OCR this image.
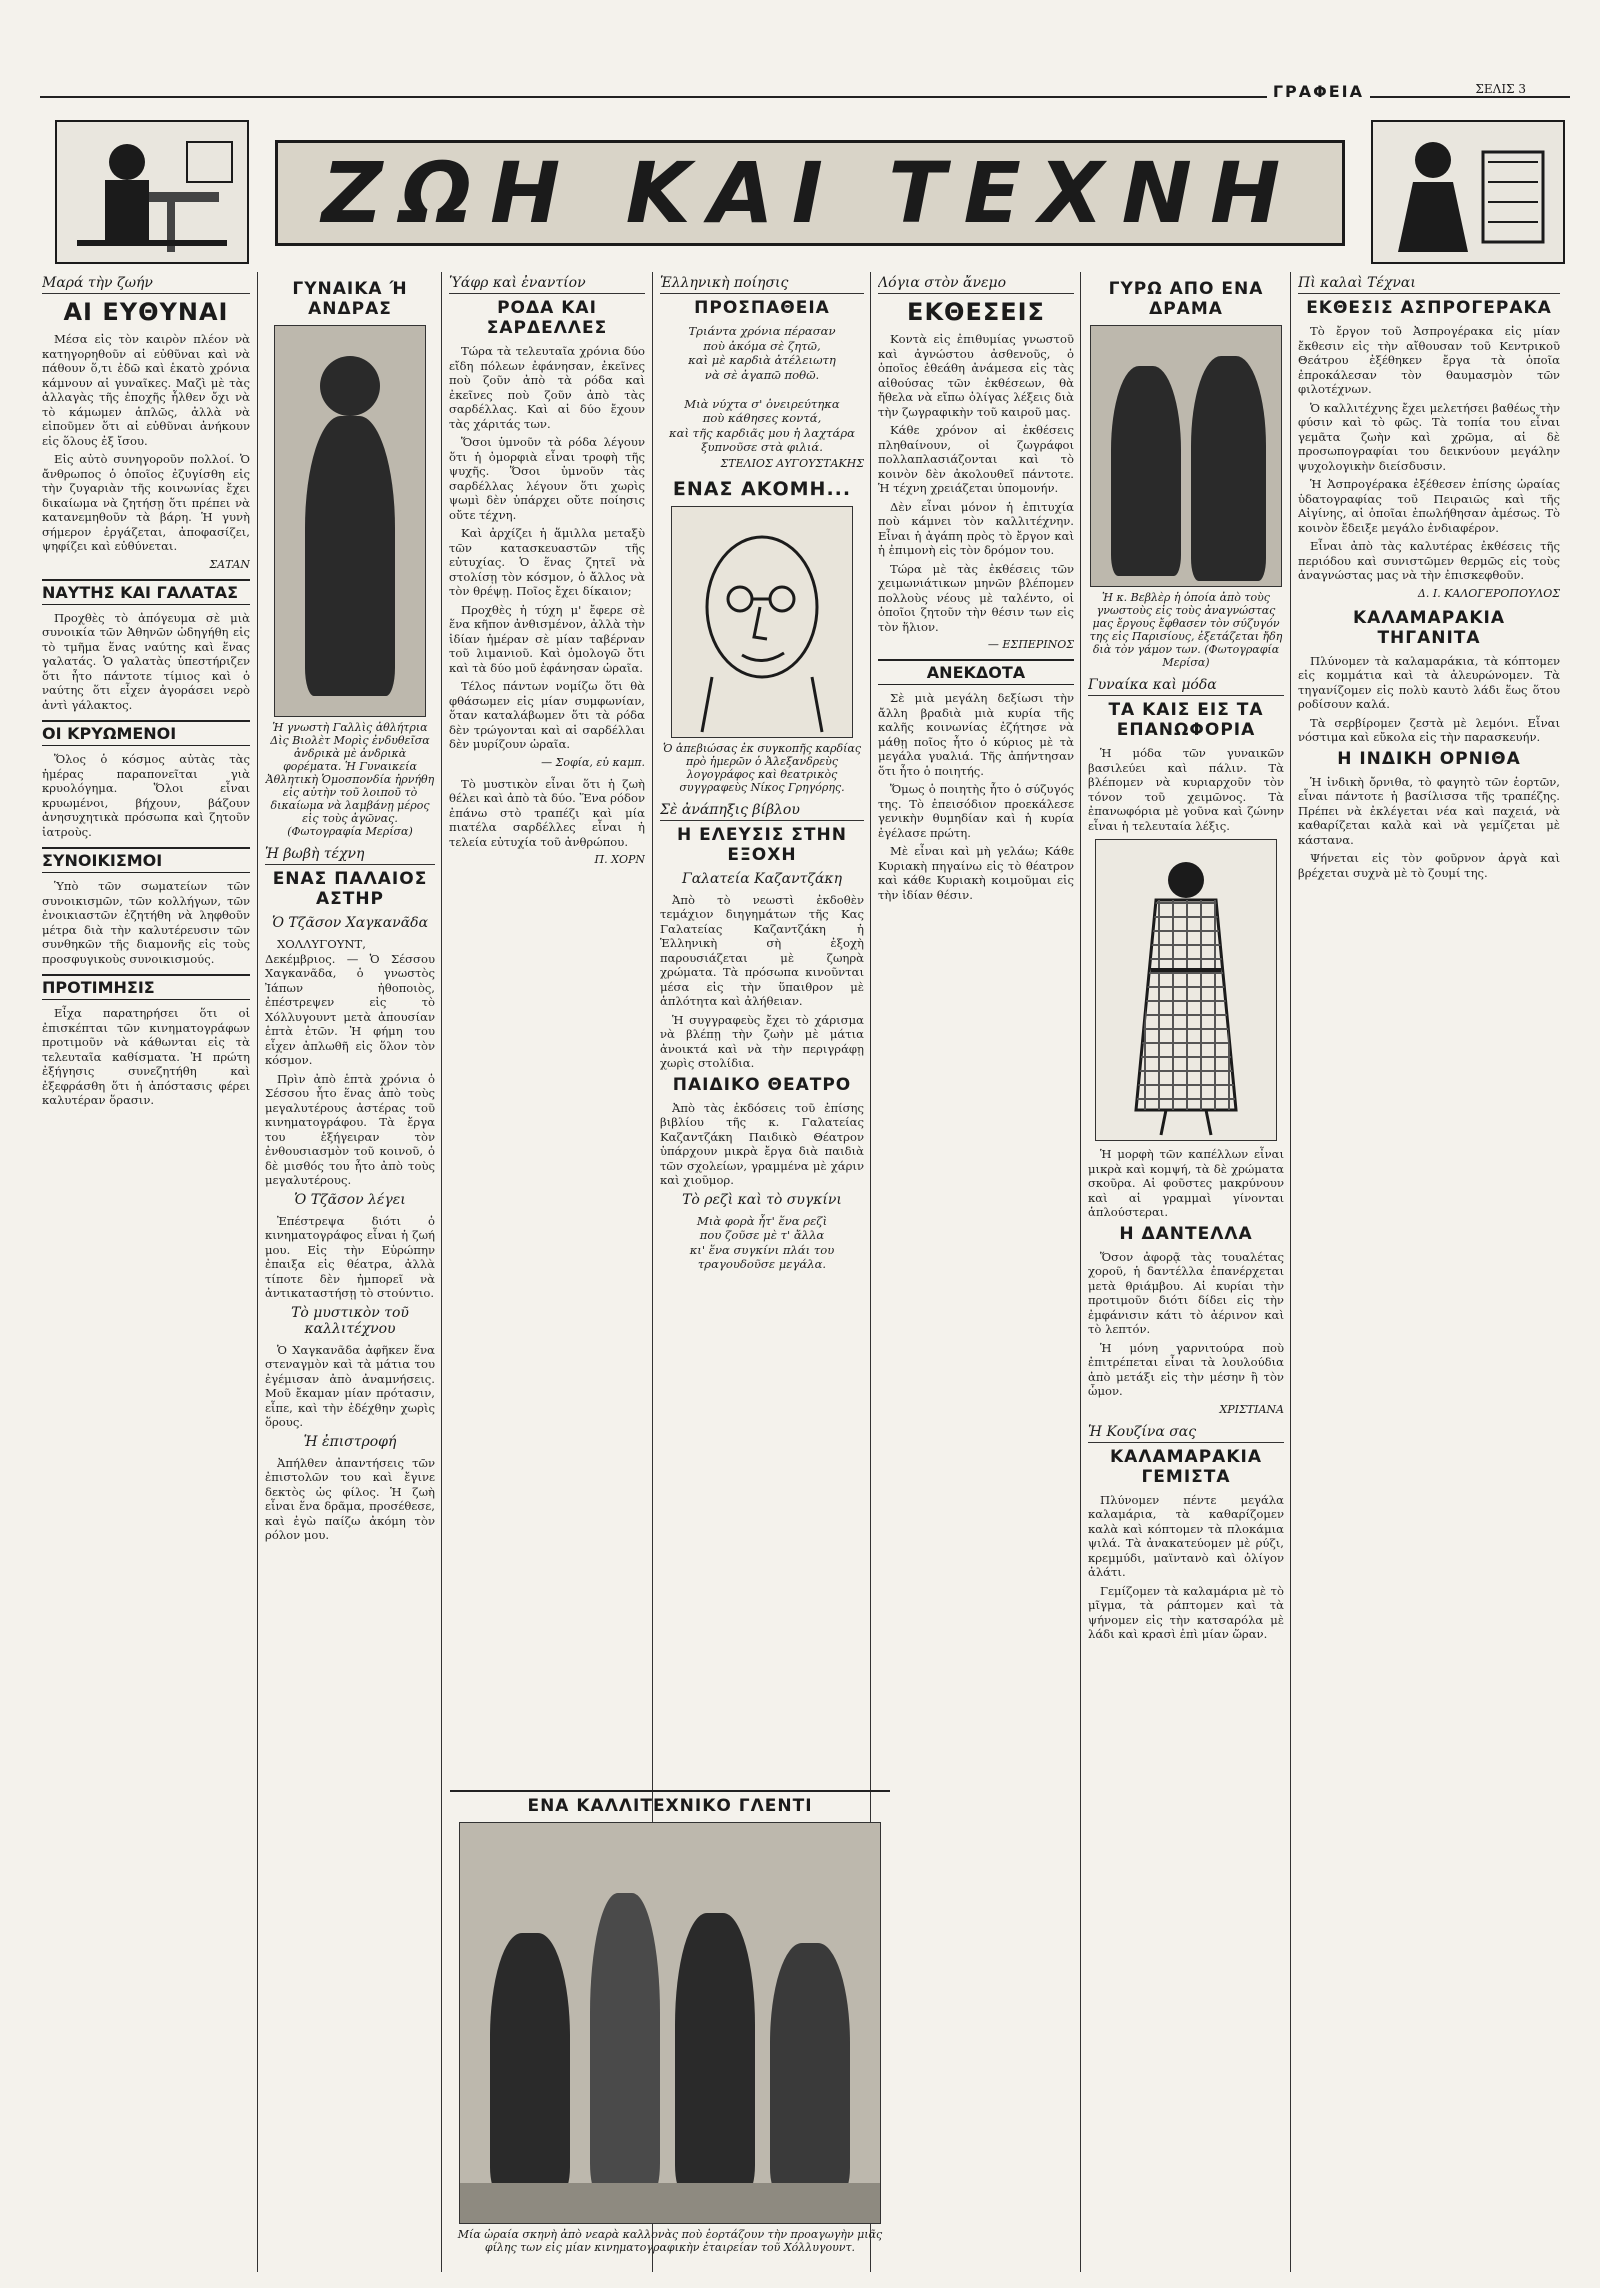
ΓΡΑΦΕΙΑ	ΣΕΛΙΣ 3
ΖΩΗ ΚΑΙ ΤΕΧΝΗ
Μαρά τὴν ζωήν
ΑΙ ΕΥΘΥΝΑΙ

Μέσα εἰς τὸν καιρὸν πλέον νὰ κατηγορηθοῦν αἱ εὐθῦναι καὶ νὰ πάθουν ὅ,τι ἐδῶ καὶ ἑκατὸ χρόνια κάμνουν αἱ γυναῖκες. Μαζὶ μὲ τὰς ἀλλαγὰς τῆς ἐποχῆς ἦλθεν ὄχι νὰ τὸ κάμωμεν ἁπλῶς, ἀλλὰ νὰ εἰποῦμεν ὅτι αἱ εὐθῦναι ἀνήκουν εἰς ὅλους ἐξ ἴσου.

Εἰς αὐτὸ συνηγοροῦν πολλοί. Ὁ ἄνθρωπος ὁ ὁποῖος ἐζυγίσθη εἰς τὴν ζυγαριὰν τῆς κοινωνίας ἔχει δικαίωμα νὰ ζητήσῃ ὅτι πρέπει νὰ κατανεμηθοῦν τὰ βάρη. Ἡ γυνὴ σήμερον ἐργάζεται, ἀποφασίζει, ψηφίζει καὶ εὐθύνεται.

ΣΑΤΑΝ
ΝΑΥΤΗΣ ΚΑΙ ΓΑΛΑΤΑΣ

Προχθὲς τὸ ἀπόγευμα σὲ μιὰ συνοικία τῶν Ἀθηνῶν ὡδηγήθη εἰς τὸ τμῆμα ἕνας ναύτης καὶ ἕνας γαλατάς. Ὁ γαλατὰς ὑπεστήριζεν ὅτι ἦτο πάντοτε τίμιος καὶ ὁ ναύτης ὅτι εἶχεν ἀγοράσει νερὸ ἀντὶ γάλακτος.

ΟΙ ΚΡΥΩΜΕΝΟΙ

Ὅλος ὁ κόσμος αὐτὰς τὰς ἡμέρας παραπονεῖται γιὰ κρυολόγημα. Ὅλοι εἶναι κρυωμένοι, βήχουν, βάζουν ἀνησυχητικὰ πρόσωπα καὶ ζητοῦν ἰατροὺς.

ΣΥΝΟΙΚΙΣΜΟΙ

Ὑπὸ τῶν σωματείων τῶν συνοικισμῶν, τῶν κολλήγων, τῶν ἐνοικιαστῶν ἐζητήθη νὰ ληφθοῦν μέτρα διὰ τὴν καλυτέρευσιν τῶν συνθηκῶν τῆς διαμονῆς εἰς τοὺς προσφυγικοὺς συνοικισμούς.

ΠΡΟΤΙΜΗΣΙΣ

Εἶχα παρατηρήσει ὅτι οἱ ἐπισκέπται τῶν κινηματογράφων προτιμοῦν νὰ κάθωνται εἰς τὰ τελευταῖα καθίσματα. Ἡ πρώτη ἐξήγησις συνεζητήθη καὶ ἐξεφράσθη ὅτι ἡ ἀπόστασις φέρει καλυτέραν ὅρασιν.

ΓΥΝΑΙΚΑ Ή ΑΝΔΡΑΣ
Ἡ γνωστὴ Γαλλὶς ἀθλήτρια Δὶς Βιολὲτ Μορὶς ἐνδυθεῖσα ἀνδρικὰ μὲ ἀνδρικὰ φορέματα. Ἡ Γυναικεία Ἀθλητικὴ Ὁμοσπονδία ἠρνήθη εἰς αὐτὴν τοῦ λοιποῦ τὸ δικαίωμα νὰ λαμβάνῃ μέρος εἰς τοὺς ἀγῶνας. (Φωτογραφία Μερίσα)
Ἡ βωβὴ τέχνη
ΕΝΑΣ ΠΑΛΑΙΟΣ ΑΣΤΗΡ
Ὁ Τζᾶσον Χαγκανᾶδα

ΧΟΛΛΥΓΟΥΝΤ, Δεκέμβριος. — Ὁ Σέσσου Χαγκανᾶδα, ὁ γνωστὸς Ἰάπων ἠθοποιὸς, ἐπέστρεψεν εἰς τὸ Χόλλυγουντ μετὰ ἀπουσίαν ἑπτὰ ἐτῶν. Ἡ φήμη του εἶχεν ἀπλωθῆ εἰς ὅλον τὸν κόσμον.

Πρὶν ἀπὸ ἑπτὰ χρόνια ὁ Σέσσου ἦτο ἕνας ἀπὸ τοὺς μεγαλυτέρους ἀστέρας τοῦ κινηματογράφου. Τὰ ἔργα του ἐξήγειραν τὸν ἐνθουσιασμὸν τοῦ κοινοῦ, ὁ δὲ μισθός του ἦτο ἀπὸ τοὺς μεγαλυτέρους.

Ὁ Τζᾶσον λέγει

Ἐπέστρεψα διότι ὁ κινηματογράφος εἶναι ἡ ζωή μου. Εἰς τὴν Εὐρώπην ἐπαιξα εἰς θέατρα, ἀλλὰ τίποτε δὲν ἠμπορεῖ νὰ ἀντικαταστήσῃ τὸ στούντιο.

Τὸ μυστικὸν τοῦ καλλιτέχνου

Ὁ Χαγκανᾶδα ἀφῆκεν ἕνα στεναγμὸν καὶ τὰ μάτια του ἐγέμισαν ἀπὸ ἀναμνήσεις. Μοῦ ἔκαμαν μίαν πρότασιν, εἶπε, καὶ τὴν ἐδέχθην χωρὶς ὅρους.

Ἡ ἐπιστροφή

Ἀπήλθεν ἀπαντήσεις τῶν ἐπιστολῶν του καὶ ἔγινε δεκτὸς ὡς φίλος. Ἡ ζωὴ εἶναι ἕνα δρᾶμα, προσέθεσε, καὶ ἐγὼ παίζω ἀκόμη τὸν ρόλον μου.

Ὑάφρ καὶ ἐναντίον
ΡΟΔΑ ΚΑΙ ΣΑΡΔΕΛΛΕΣ

Τώρα τὰ τελευταῖα χρόνια δύο εἴδη πόλεων ἐφάνησαν, ἐκεῖνες ποὺ ζοῦν ἀπὸ τὰ ρόδα καὶ ἐκεῖνες ποὺ ζοῦν ἀπὸ τὰς σαρδέλλας. Καὶ αἱ δύο ἔχουν τὰς χάριτάς των.

Ὅσοι ὑμνοῦν τὰ ρόδα λέγουν ὅτι ἡ ὀμορφιὰ εἶναι τροφὴ τῆς ψυχῆς. Ὅσοι ὑμνοῦν τὰς σαρδέλλας λέγουν ὅτι χωρὶς ψωμὶ δὲν ὑπάρχει οὔτε ποίησις οὔτε τέχνη.

Καὶ ἀρχίζει ἡ ἅμιλλα μεταξὺ τῶν κατασκευαστῶν τῆς εὐτυχίας. Ὁ ἕνας ζητεῖ νὰ στολίσῃ τὸν κόσμον, ὁ ἄλλος νὰ τὸν θρέψῃ. Ποῖος ἔχει δίκαιον;

Προχθὲς ἡ τύχη μ' ἔφερε σὲ ἕνα κῆπον ἀνθισμένον, ἀλλὰ τὴν ἰδίαν ἡμέραν σὲ μίαν ταβέρναν τοῦ λιμανιοῦ. Καὶ ὁμολογῶ ὅτι καὶ τὰ δύο μοῦ ἐφάνησαν ὡραῖα.

Τέλος πάντων νομίζω ὅτι θὰ φθάσωμεν εἰς μίαν συμφωνίαν, ὅταν καταλάβωμεν ὅτι τὰ ρόδα δὲν τρώγονται καὶ αἱ σαρδέλλαι δὲν μυρίζουν ὡραῖα.

— Σοφία, εὐ καμπ.

Τὸ μυστικὸν εἶναι ὅτι ἡ ζωὴ θέλει καὶ ἀπὸ τὰ δύο. Ἕνα ρόδον ἐπάνω στὸ τραπέζι καὶ μία πιατέλα σαρδέλλες εἶναι ἡ τελεία εὐτυχία τοῦ ἀνθρώπου.

Π. ΧΟΡΝ
Ἑλληνικὴ ποίησις
ΠΡΟΣΠΑΘΕΙΑ
Τριάντα χρόνια πέρασαν
ποὺ ἀκόμα σὲ ζητῶ,
καὶ μὲ καρδιὰ ἀτέλειωτη
νὰ σὲ ἀγαπῶ ποθῶ.

Μιὰ νύχτα σ' ὀνειρεύτηκα
ποὺ κάθησες κοντά,
καὶ τῆς καρδιᾶς μου ἡ λαχτάρα
ξυπνοῦσε στὰ φιλιά.
ΣΤΕΛΙΟΣ ΑΥΓΟΥΣΤΑΚΗΣ
ΕΝΑΣ ΑΚΟΜΗ...
Ὁ ἀπεβιώσας ἐκ συγκοπῆς καρδίας πρὸ ἡμερῶν ὁ Ἀλεξανδρεὺς λογογράφος καὶ θεατρικὸς συγγραφεὺς Νίκος Γρηγόρης.
Σὲ ἀνάπηξις βίβλου
Η ΕΛΕΥΣΙΣ ΣΤΗΝ ΕΞΟΧΗ
Γαλατεία Καζαντζάκη

Ἀπὸ τὸ νεωστὶ ἐκδοθὲν τεμάχιον διηγημάτων τῆς Κας Γαλατείας Καζαντζάκη ἡ Ἑλληνικὴ σὴ ἐξοχὴ παρουσιάζεται μὲ ζωηρὰ χρώματα. Τὰ πρόσωπα κινοῦνται μέσα εἰς τὴν ὕπαιθρον μὲ ἁπλότητα καὶ ἀλήθειαν.

Ἡ συγγραφεὺς ἔχει τὸ χάρισμα νὰ βλέπῃ τὴν ζωὴν μὲ μάτια ἀνοικτά καὶ νὰ τὴν περιγράφῃ χωρὶς στολίδια.

ΠΑΙΔΙΚΟ ΘΕΑΤΡΟ

Ἀπὸ τὰς ἐκδόσεις τοῦ ἐπίσης βιβλίου τῆς κ. Γαλατείας Καζαντζάκη Παιδικὸ Θέατρον ὑπάρχουν μικρὰ ἔργα διὰ παιδιὰ τῶν σχολείων, γραμμένα μὲ χάριν καὶ χιοῦμορ.

Τὸ ρεζὶ καὶ τὸ συγκίνι
Μιὰ φορὰ ἦτ' ἕνα ρεζὶ
που ζοῦσε μὲ τ' ἄλλα
κι' ἕνα συγκίνι πλάι του
τραγουδοῦσε μεγάλα.
Λόγια στὸν ἄνεμο
ΕΚΘΕΣΕΙΣ

Κοντὰ εἰς ἐπιθυμίας γνωστοῦ καὶ ἀγνώστου ἀσθενοῦς, ὁ ὁποῖος ἐθεάθη ἀνάμεσα εἰς τὰς αἰθούσας τῶν ἐκθέσεων, θὰ ἤθελα νὰ εἴπω ὀλίγας λέξεις διὰ τὴν ζωγραφικὴν τοῦ καιροῦ μας.

Κάθε χρόνον αἱ ἐκθέσεις πληθαίνουν, οἱ ζωγράφοι πολλαπλασιάζονται καὶ τὸ κοινὸν δὲν ἀκολουθεῖ πάντοτε. Ἡ τέχνη χρειάζεται ὑπομονήν.

Δὲν εἶναι μόνον ἡ ἐπιτυχία ποὺ κάμνει τὸν καλλιτέχνην. Εἶναι ἡ ἀγάπη πρὸς τὸ ἔργον καὶ ἡ ἐπιμονὴ εἰς τὸν δρόμον του.

Τώρα μὲ τὰς ἐκθέσεις τῶν χειμωνιάτικων μηνῶν βλέπομεν πολλοὺς νέους μὲ ταλέντο, οἱ ὁποῖοι ζητοῦν τὴν θέσιν των εἰς τὸν ἥλιον.

— ΕΣΠΕΡΙΝΟΣ
ΑΝΕΚΔΟΤΑ

Σὲ μιὰ μεγάλη δεξίωσι τὴν ἄλλη βραδιὰ μιὰ κυρία τῆς καλῆς κοινωνίας ἐζήτησε νὰ μάθῃ ποῖος ἦτο ὁ κύριος μὲ τὰ μεγάλα γυαλιά. Τῆς ἀπήντησαν ὅτι ἦτο ὁ ποιητής.

Ὅμως ὁ ποιητὴς ἦτο ὁ σύζυγός της. Τὸ ἐπεισόδιον προεκάλεσε γενικὴν θυμηδίαν καὶ ἡ κυρία ἐγέλασε πρώτη.

Μὲ εἶναι καὶ μὴ γελάω; Κάθε Κυριακὴ πηγαίνω εἰς τὸ θέατρον καὶ κάθε Κυριακὴ κοιμοῦμαι εἰς τὴν ἰδίαν θέσιν.

ΓΥΡΩ ΑΠΟ ΕΝΑ ΔΡΑΜΑ
Ἡ κ. Βεβλὲρ ἡ ὁποία ἀπὸ τοὺς γνωστοὺς εἰς τοὺς ἀναγνώστας μας ἔργους ἔφθασεν τὸν σύζυγόν της εἰς Παρισίους, ἐξετάζεται ἤδη διὰ τὸν γάμον των. (Φωτογραφία Μερίσα)
Γυναίκα καὶ μόδα
ΤΑ ΚΑΙΣ ΕΙΣ ΤΑ ΕΠΑΝΩΦΟΡΙΑ

Ἡ μόδα τῶν γυναικῶν βασιλεύει καὶ πάλιν. Τὰ βλέπομεν νὰ κυριαρχοῦν τὸν τόνον τοῦ χειμῶνος. Τὰ ἐπανωφόρια μὲ γοῦνα καὶ ζώνην εἶναι ἡ τελευταία λέξις.

Ἡ μορφὴ τῶν καπέλλων εἶναι μικρὰ καὶ κομψή, τὰ δὲ χρώματα σκοῦρα. Αἱ φοῦστες μακρύνουν καὶ αἱ γραμμαὶ γίνονται ἁπλούστεραι.

Η ΔΑΝΤΕΛΛΑ

Ὅσον ἀφορᾷ τὰς τουαλέτας χοροῦ, ἡ δαντέλλα ἐπανέρχεται μετὰ θριάμβου. Αἱ κυρίαι τὴν προτιμοῦν διότι δίδει εἰς τὴν ἐμφάνισιν κάτι τὸ ἀέρινον καὶ τὸ λεπτόν.

Ἡ μόνη γαρνιτούρα ποὺ ἐπιτρέπεται εἶναι τὰ λουλούδια ἀπὸ μετάξι εἰς τὴν μέσην ἢ τὸν ὦμον.

ΧΡΙΣΤΙΑΝΑ
Ἡ Κουζίνα σας
ΚΑΛΑΜΑΡΑΚΙΑ ΓΕΜΙΣΤΑ

Πλύνομεν πέντε μεγάλα καλαμάρια, τὰ καθαρίζομεν καλὰ καὶ κόπτομεν τὰ πλοκάμια ψιλά. Τὰ ἀνακατεύομεν μὲ ρύζι, κρεμμύδι, μαϊντανὸ καὶ ὀλίγον ἀλάτι.

Γεμίζομεν τὰ καλαμάρια μὲ τὸ μῖγμα, τὰ ράπτομεν καὶ τὰ ψήνομεν εἰς τὴν κατσαρόλα μὲ λάδι καὶ κρασὶ ἐπὶ μίαν ὥραν.

Πὶ καλαὶ Τέχναι
ΕΚΘΕΣΙΣ ΑΣΠΡΟΓΕΡΑΚΑ

Τὸ ἔργον τοῦ Ἀσπρογέρακα εἰς μίαν ἔκθεσιν εἰς τὴν αἴθουσαν τοῦ Κεντρικοῦ Θεάτρου ἐξέθηκεν ἔργα τὰ ὁποῖα ἐπροκάλεσαν τὸν θαυμασμὸν τῶν φιλοτέχνων.

Ὁ καλλιτέχνης ἔχει μελετήσει βαθέως τὴν φύσιν καὶ τὸ φῶς. Τὰ τοπία του εἶναι γεμᾶτα ζωὴν καὶ χρῶμα, αἱ δὲ προσωπογραφίαι του δεικνύουν μεγάλην ψυχολογικὴν διείσδυσιν.

Ἡ Ἀσπρογέρακα ἐξέθεσεν ἐπίσης ὡραίας ὑδατογραφίας τοῦ Πειραιῶς καὶ τῆς Αἰγίνης, αἱ ὁποῖαι ἐπωλήθησαν ἀμέσως. Τὸ κοινὸν ἔδειξε μεγάλο ἐνδιαφέρον.

Εἶναι ἀπὸ τὰς καλυτέρας ἐκθέσεις τῆς περιόδου καὶ συνιστῶμεν θερμῶς εἰς τοὺς ἀναγνώστας μας νὰ τὴν ἐπισκεφθοῦν.

Δ. Ι. ΚΑΛΟΓΕΡΟΠΟΥΛΟΣ
ΚΑΛΑΜΑΡΑΚΙΑ ΤΗΓΑΝΙΤΑ

Πλύνομεν τὰ καλαμαράκια, τὰ κόπτομεν εἰς κομμάτια καὶ τὰ ἀλευρώνομεν. Τὰ τηγανίζομεν εἰς πολὺ καυτὸ λάδι ἕως ὅτου ροδίσουν καλά.

Τὰ σερβίρομεν ζεστὰ μὲ λεμόνι. Εἶναι νόστιμα καὶ εὔκολα εἰς τὴν παρασκευήν.

Η ΙΝΔΙΚΗ ΟΡΝΙΘΑ

Ἡ ἰνδικὴ ὄρνιθα, τὸ φαγητὸ τῶν ἑορτῶν, εἶναι πάντοτε ἡ βασίλισσα τῆς τραπέζης. Πρέπει νὰ ἐκλέγεται νέα καὶ παχειά, νὰ καθαρίζεται καλὰ καὶ νὰ γεμίζεται μὲ κάστανα.

Ψήνεται εἰς τὸν φοῦρνον ἀργὰ καὶ βρέχεται συχνὰ μὲ τὸ ζουμί της.

ΕΝΑ ΚΑΛΛΙΤΕΧΝΙΚΟ ΓΛΕΝΤΙ
Μία ὡραία σκηνὴ ἀπὸ νεαρὰ καλλονὰς ποὺ ἑορτάζουν τὴν προαγωγὴν μιᾶς φίλης των εἰς μίαν κινηματογραφικὴν ἑταιρείαν τοῦ Χόλλυγουντ.
